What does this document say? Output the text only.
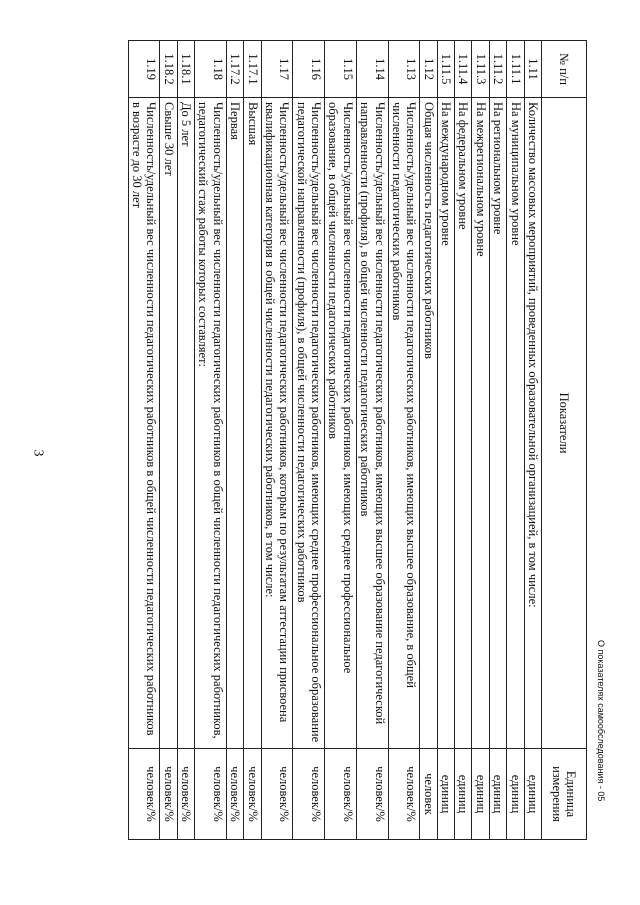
3
№ п/п	Показатели	Единица измерения
1.11	Количество массовых мероприятий, проведенных образовательной организацией, в том числе:	единиц
1.11.1	На муниципальном уровне	единиц
1.11.2	На региональном уровне	единиц
1.11.3	На межрегиональном уровне	единиц
1.11.4	На федеральном уровне	единиц
1.11.5	На международном уровне	единиц
1.12	Общая численность педагогических работников	человек
1.13	Численность/удельный вес численности педагогических работников, имеющих высшее образование, в общей численности педагогических работников	человек/%
1.14	Численность/удельный вес численности педагогических работников, имеющих высшее образование педагогической направленности (профиля), в общей численности педагогических работников	человек/%
1.15	Численность/удельный вес численности педагогических работников, имеющих среднее профессиональное образование, в общей численности педагогических работников	человек/%
1.16	Численность/удельный вес численности педагогических работников, имеющих среднее профессиональное образование педагогической направленности (профиля), в общей численности педагогических работников	человек/%
1.17	Численность/удельный вес численности педагогических работников, которым по результатам аттестации присвоена квалификационная категория в общей численности педагогических работников, в том числе:	человек/%
1.17.1	Высшая	человек/%
1.17.2	Первая	человек/%
1.18	Численность/удельный вес численности педагогических работников в общей численности педагогических работников, педагогический стаж работы которых составляет:	человек/%
1.18.1	До 5 лет	человек/%
1.18.2	Свыше 30 лет	человек/%
1.19	Численность/удельный вес численности педагогических работников в общей численности педагогических работников в возрасте до 30 лет	человек/%	О показателях самообследования - 05
